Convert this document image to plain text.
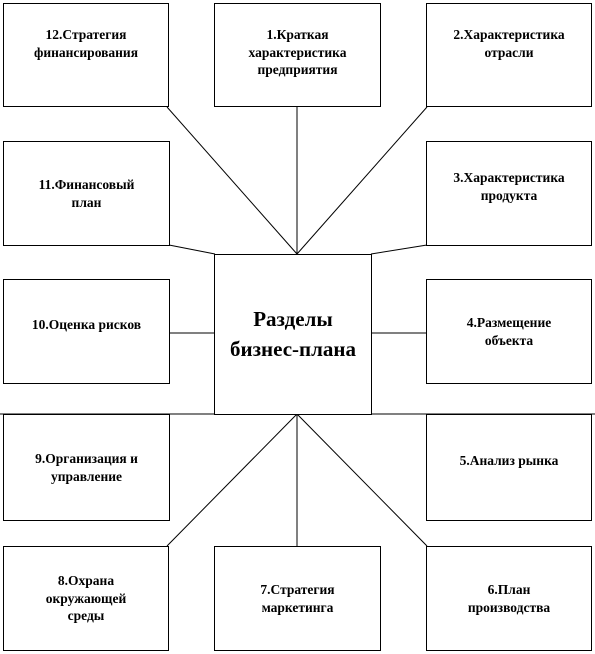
12.Стратегия
финансирования
1.Краткая
характеристика
предприятия
2.Характеристика
отрасли
11.Финансовый
план
3.Характеристика
продукта
Разделы
бизнес-плана
10.Оценка рисков	4.Размещение
объекта
9.Организация и
управление
5.Анализ рынка
8.Охрана
окружающей
среды
7.Стратегия
маркетинга
6.План
производства
